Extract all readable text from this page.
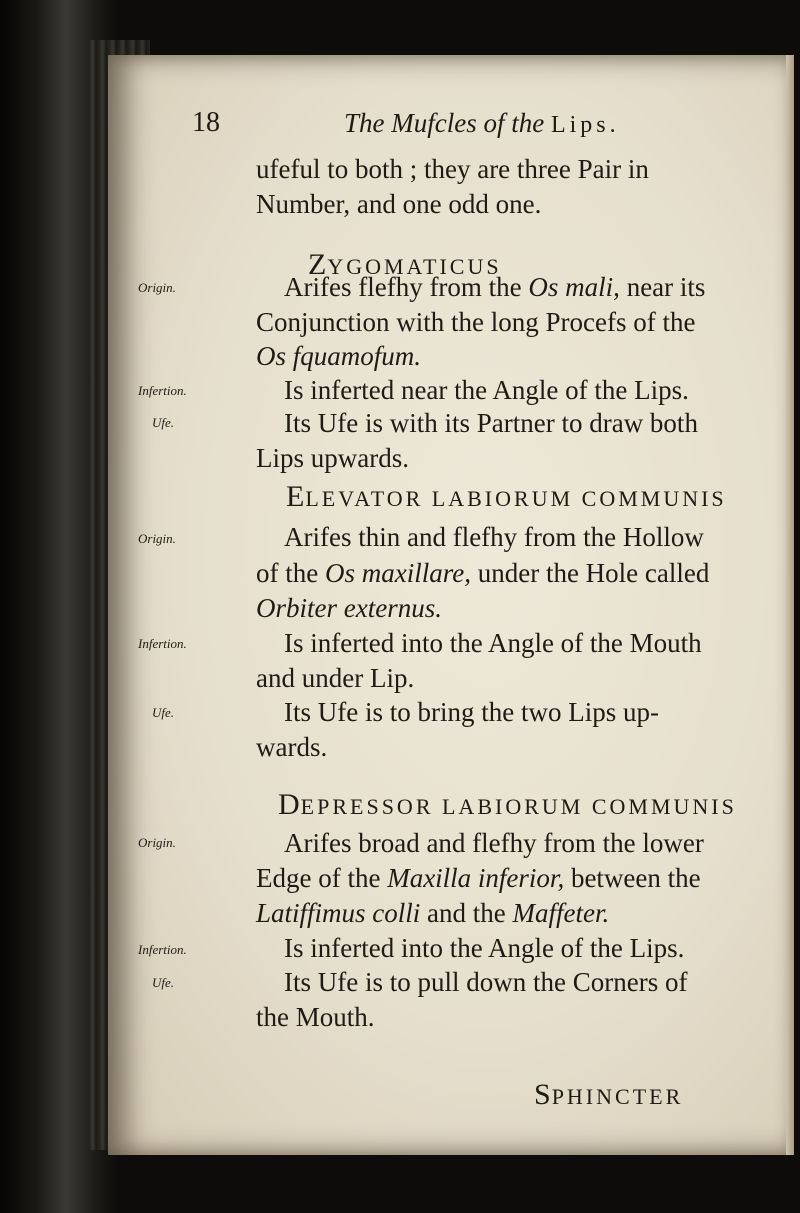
18	The Mufcles of the Lips.
ufeful to both ; they are three Pair in
Number, and one odd one.
ZYGOMATICUS
Origin.	Arifes flefhy from the Os mali, near its
Conjunction with the long Procefs of the
Os fquamofum.
Infertion.	Is inferted near the Angle of the Lips.
Ufe.	Its Ufe is with its Partner to draw both
Lips upwards.
ELEVATOR LABIORUM COMMUNIS
Origin.	Arifes thin and flefhy from the Hollow
of the Os maxillare, under the Hole called
Orbiter externus.
Infertion.	Is inferted into the Angle of the Mouth
and under Lip.
Ufe.	Its Ufe is to bring the two Lips up-
wards.
DEPRESSOR LABIORUM COMMUNIS
Origin.	Arifes broad and flefhy from the lower
Edge of the Maxilla inferior, between the
Latiffimus colli and the Maffeter.
Infertion.	Is inferted into the Angle of the Lips.
Ufe.	Its Ufe is to pull down the Corners of
the Mouth.
SPHINCTER
